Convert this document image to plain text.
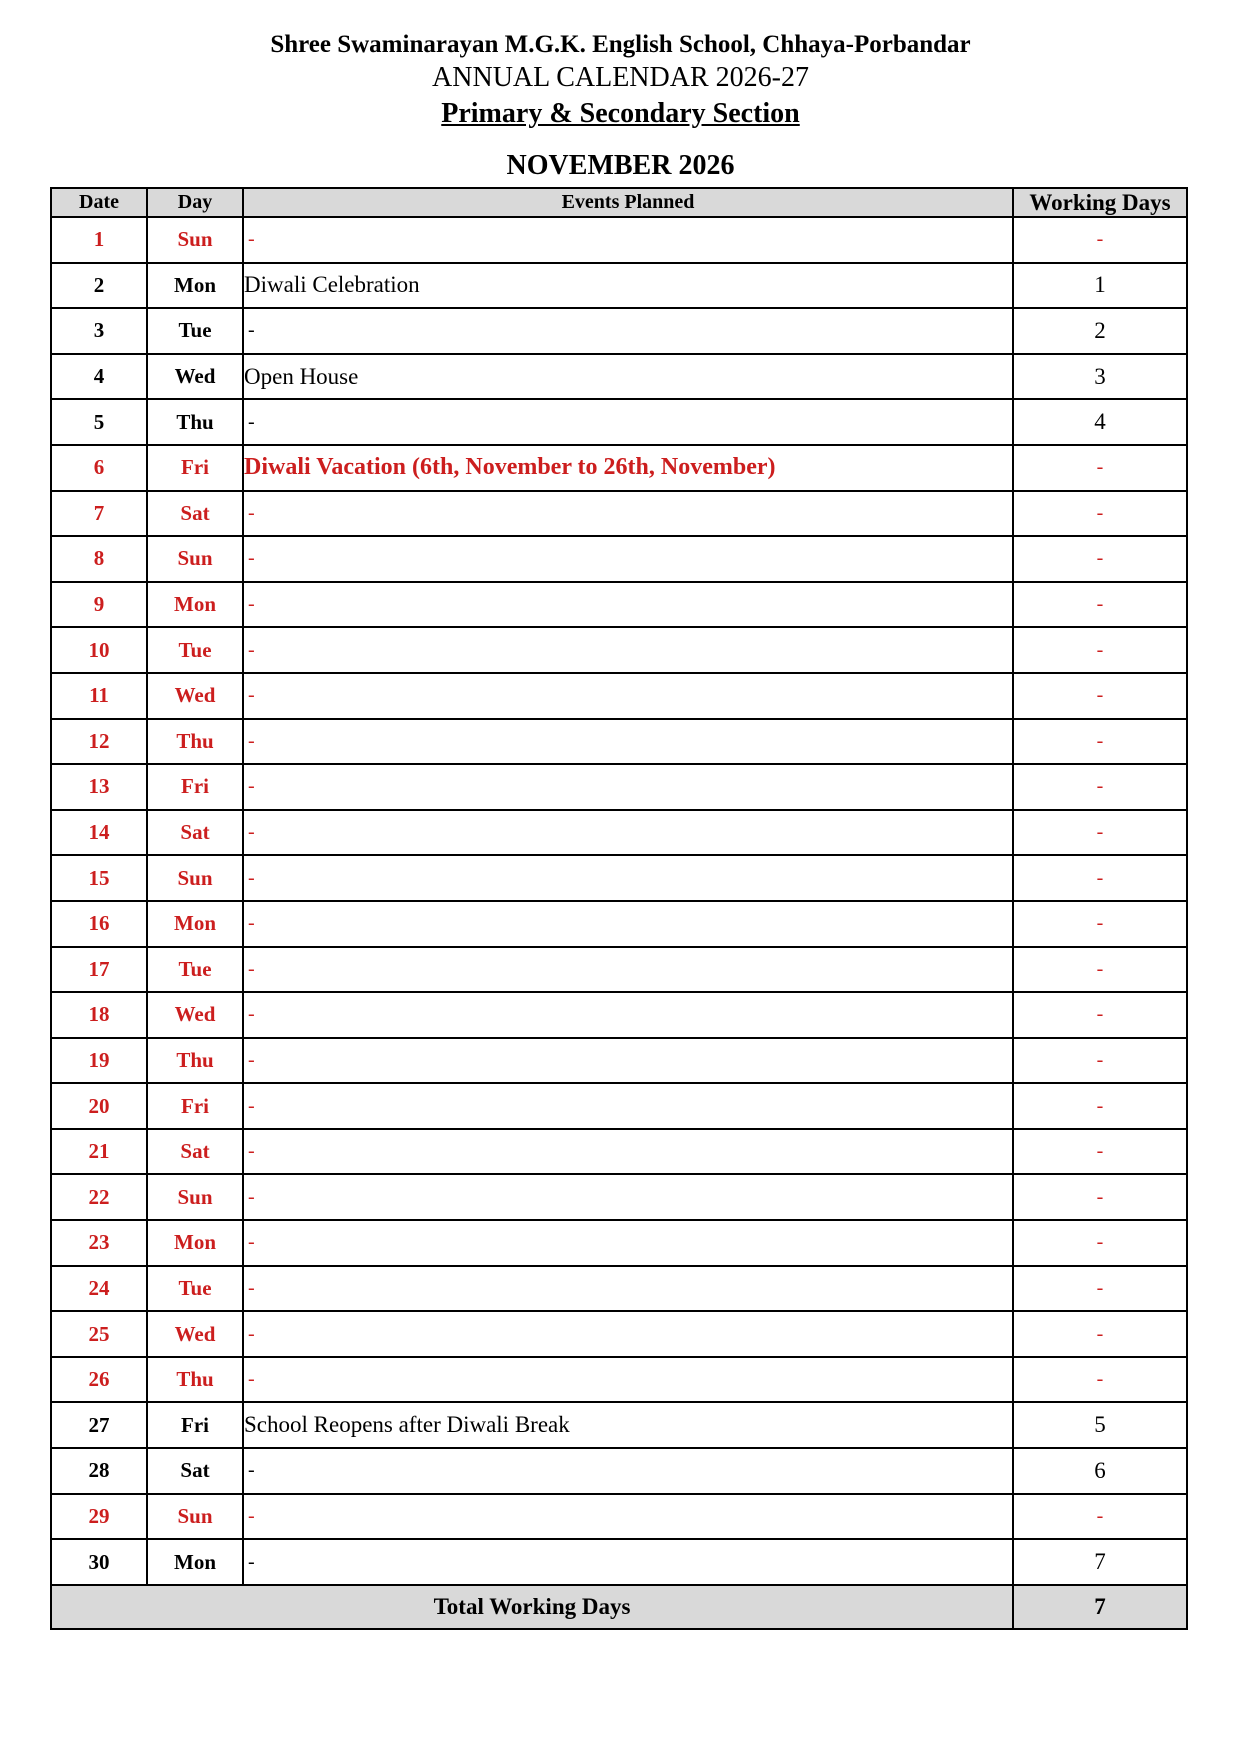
Shree Swaminarayan M.G.K. English School, Chhaya-Porbandar
ANNUAL CALENDAR 2026-27
Primary & Secondary Section
NOVEMBER 2026
Date	Day	Events Planned	Working Days
1	Sun	-	-
2	Mon	Diwali Celebration	1
3	Tue	-	2
4	Wed	Open House	3
5	Thu	-	4
6	Fri	Diwali Vacation (6th, November to 26th, November)	-
7	Sat	-	-
8	Sun	-	-
9	Mon	-	-
10	Tue	-	-
11	Wed	-	-
12	Thu	-	-
13	Fri	-	-
14	Sat	-	-
15	Sun	-	-
16	Mon	-	-
17	Tue	-	-
18	Wed	-	-
19	Thu	-	-
20	Fri	-	-
21	Sat	-	-
22	Sun	-	-
23	Mon	-	-
24	Tue	-	-
25	Wed	-	-
26	Thu	-	-
27	Fri	School Reopens after Diwali Break	5
28	Sat	-	6
29	Sun	-	-
30	Mon	-	7
Total Working Days			7
